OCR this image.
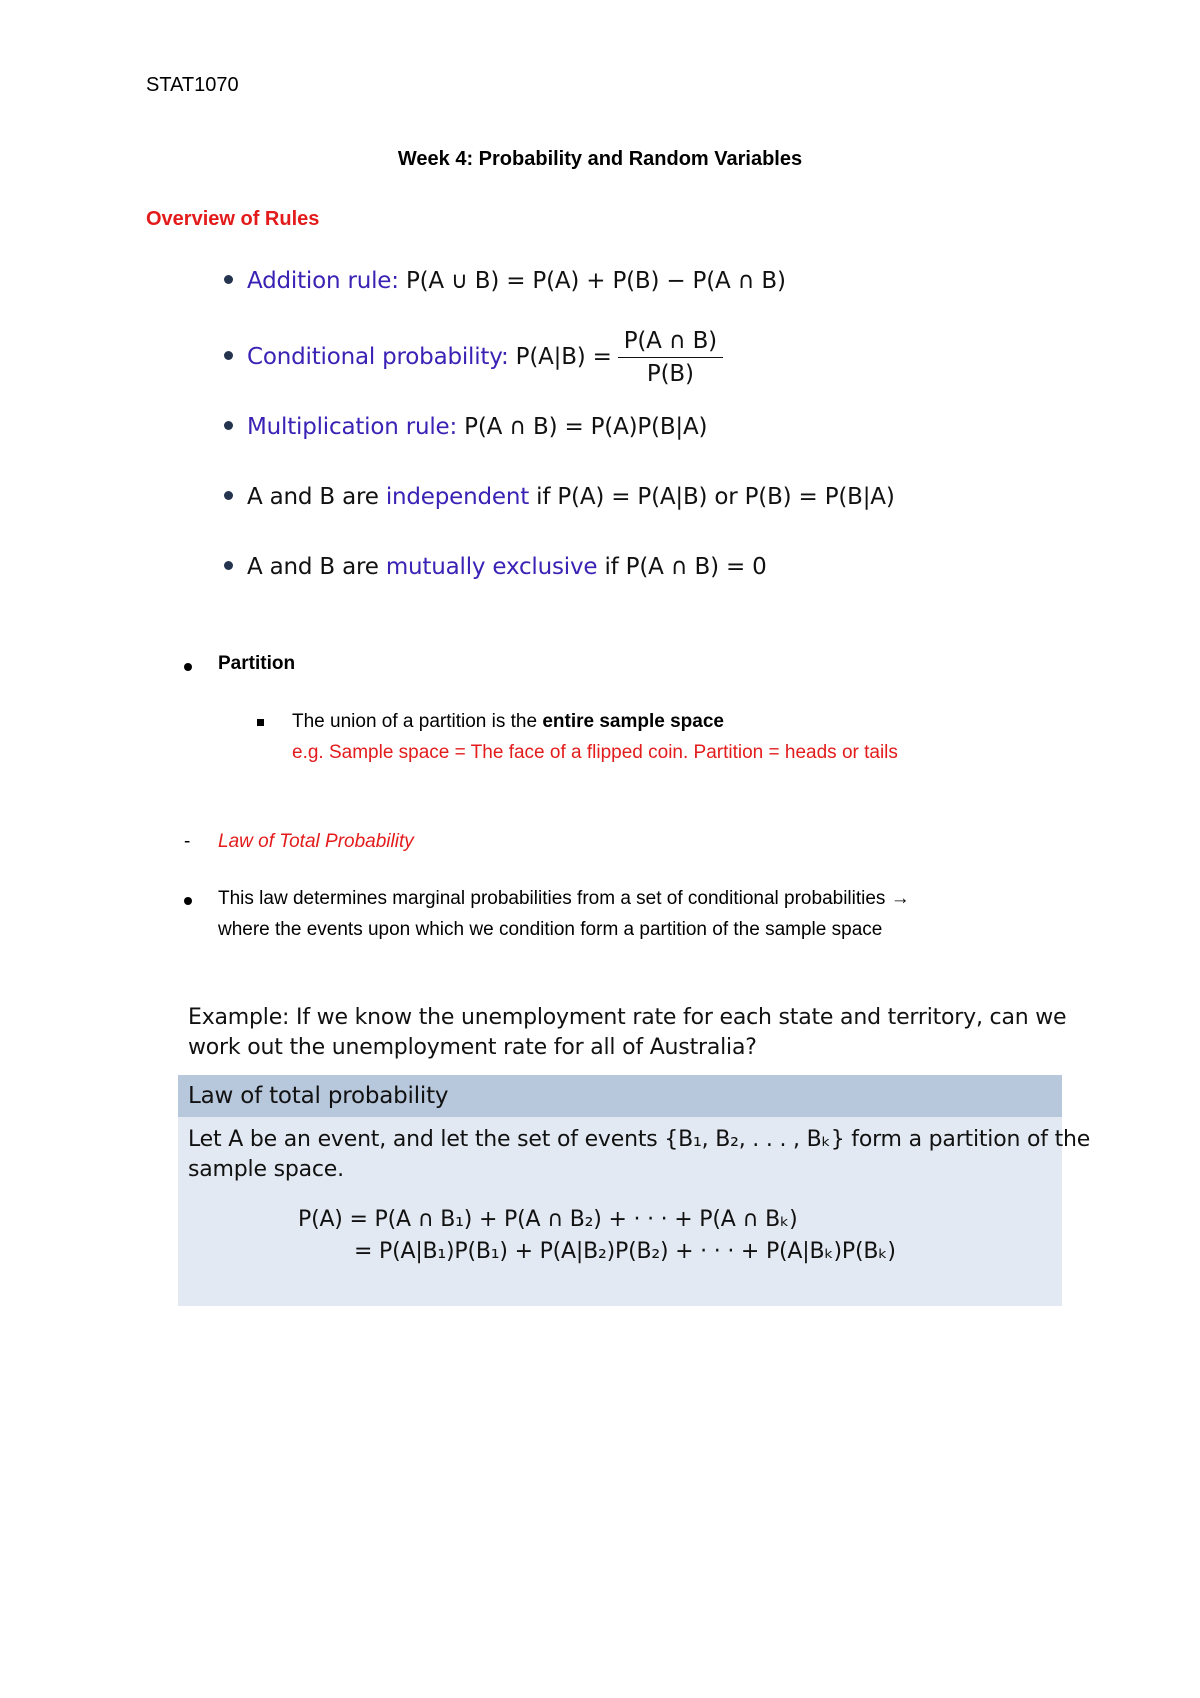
STAT1070
Week 4: Probability and Random Variables
Overview of Rules
Addition rule: P(A ∪ B) = P(A) + P(B) − P(A ∩ B)
Conditional probability: $P(A|B) = \frac{P(A \cap B)}{P(B)}$
Multiplication rule: P(A ∩ B) = P(A)P(B|A)
A and B are independent if P(A) = P(A|B) or P(B) = P(B|A)
A and B are mutually exclusive if P(A ∩ B) = 0
Partition
The union of a partition is the entire sample space
e.g. Sample space = The face of a flipped coin. Partition = heads or tails
- Law of Total Probability
This law determines marginal probabilities from a set of conditional probabilities →
where the events upon which we condition form a partition of the sample space
Example: If we know the unemployment rate for each state and territory, can we
work out the unemployment rate for all of Australia?
Law of total probability
Let A be an event, and let the set of events {B₁, B₂, . . . , Bₖ} form a partition of the
sample space.
P(A) = P(A ∩ B₁) + P(A ∩ B₂) + · · · + P(A ∩ Bₖ)
= P(A|B₁)P(B₁) + P(A|B₂)P(B₂) + · · · + P(A|Bₖ)P(Bₖ)
